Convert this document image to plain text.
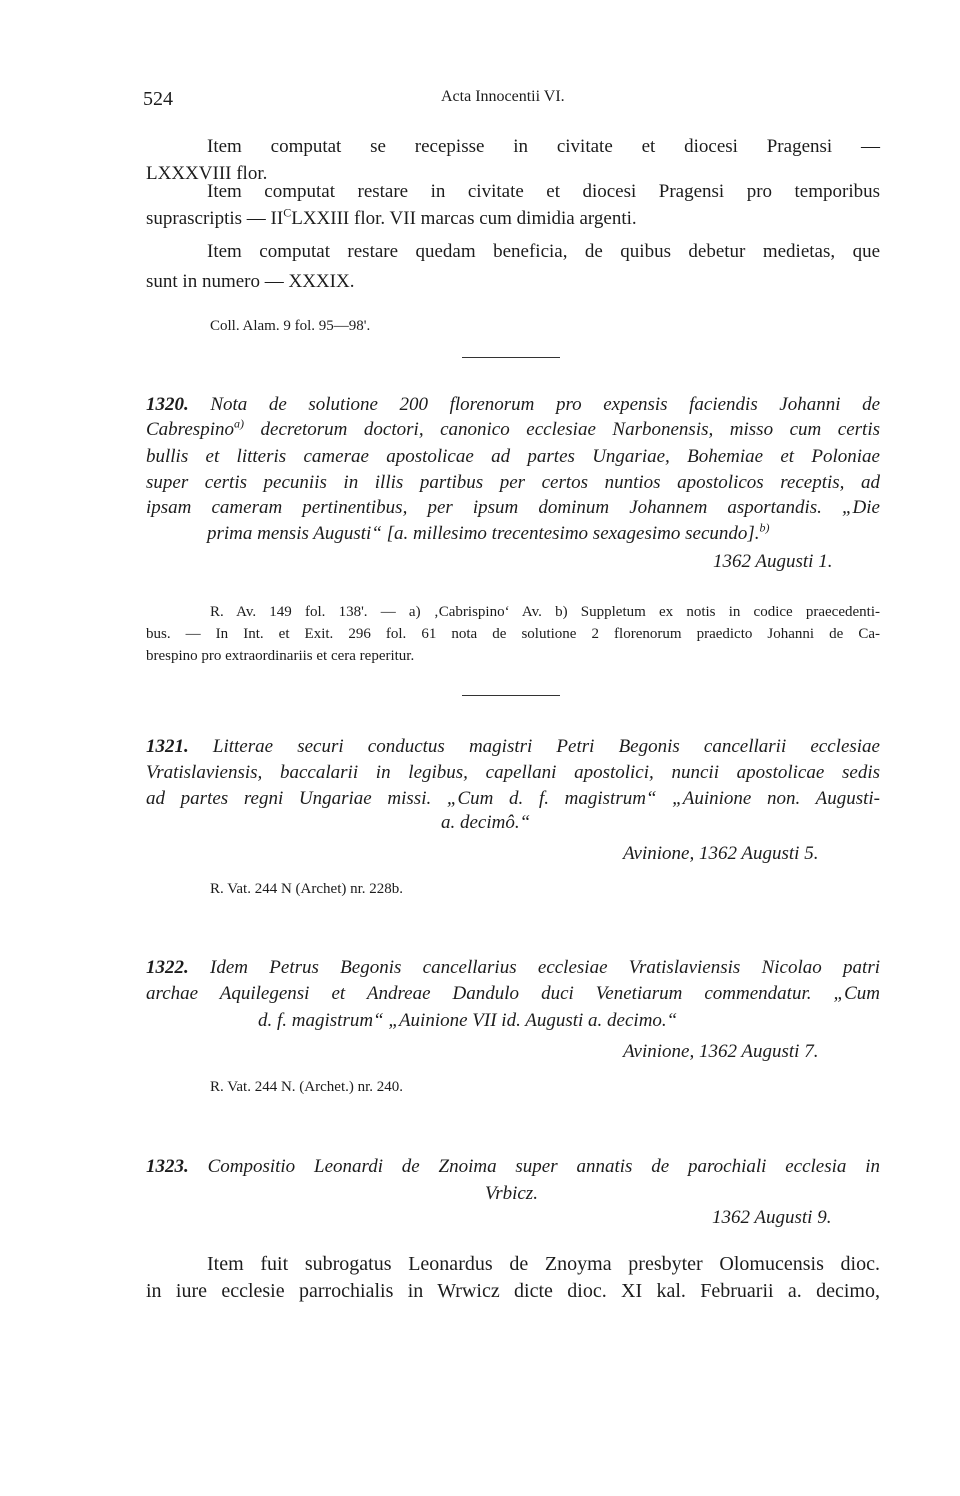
524	Acta Innocentii VI.
Item computat se recepisse in civitate et diocesi Pragensi —
LXXXVIII flor.
Item computat restare in civitate et diocesi Pragensi pro temporibus
suprascriptis — $II^CLXXIII$ flor. VII marcas cum dimidia argenti.
Item computat restare quedam beneficia, de quibus debetur medietas, que
sunt in numero — XXXIX.
Coll. Alam. 9 fol. 95—98'.
1320. Nota de solutione 200 florenorum pro expensis faciendis Johanni de
Cabrespino$^{a)}$ decretorum doctori, canonico ecclesiae Narbonensis, misso cum certis
bullis et litteris camerae apostolicae ad partes Ungariae, Bohemiae et Poloniae
super certis pecuniis in illis partibus per certos nuntios apostolicos receptis, ad
ipsam cameram pertinentibus, per ipsum dominum Johannem asportandis. „Die
prima mensis Augusti“ [a. millesimo trecentesimo sexagesimo secundo].$^{b)}$
1362 Augusti 1.
R. Av. 149 fol. 138'. — a) ‚Cabrispino‘ Av. b) Suppletum ex notis in codice praecedenti-
bus. — In Int. et Exit. 296 fol. 61 nota de solutione 2 florenorum praedicto Johanni de Ca-
brespino pro extraordinariis et cera reperitur.
1321. Litterae securi conductus magistri Petri Begonis cancellarii ecclesiae
Vratislaviensis, baccalarii in legibus, capellani apostolici, nuncii apostolicae sedis
ad partes regni Ungariae missi. „Cum d. f. magistrum“ „Auinione non. Augusti-
a. decimô.“
Avinione, 1362 Augusti 5.
R. Vat. 244 N (Archet) nr. 228b.
1322. Idem Petrus Begonis cancellarius ecclesiae Vratislaviensis Nicolao patri
archae Aquilegensi et Andreae Dandulo duci Venetiarum commendatur. „Cum
d. f. magistrum“ „Auinione VII id. Augusti a. decimo.“
Avinione, 1362 Augusti 7.
R. Vat. 244 N. (Archet.) nr. 240.
1323. Compositio Leonardi de Znoima super annatis de parochiali ecclesia in
Vrbicz.
1362 Augusti 9.
Item fuit subrogatus Leonardus de Znoyma presbyter Olomucensis dioc.
in iure ecclesie parrochialis in Wrwicz dicte dioc. XI kal. Februarii a. decimo,
